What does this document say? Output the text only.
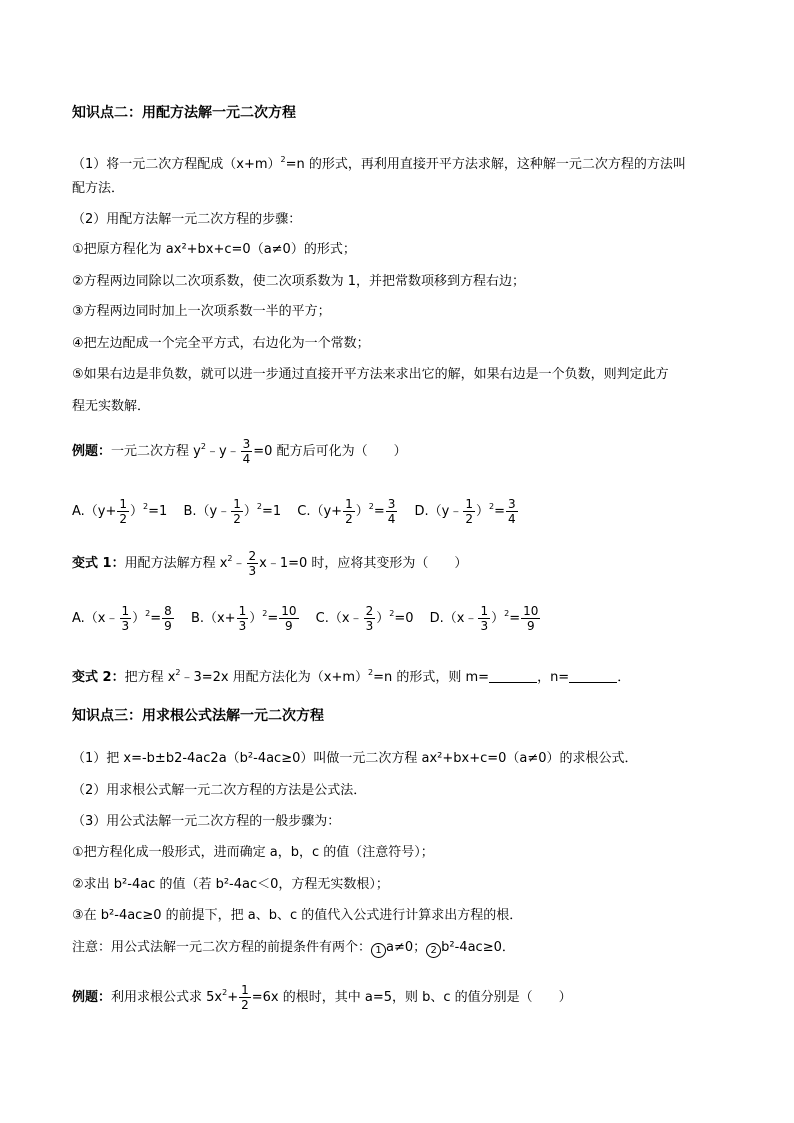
知识点二：用配方法解一元二次方程
（1）将一元二次方程配成$(x+m)^2=n$ 的形式，再利用直接开平方法求解，这种解一元二次方程的方法叫
配方法．
（2）用配方法解一元二次方程的步骤：
①把原方程化为 ax²+bx+c=0（a≠0）的形式；
②方程两边同除以二次项系数，使二次项系数为 1，并把常数项移到方程右边；
③方程两边同时加上一次项系数一半的平方；
④把左边配成一个完全平方式，右边化为一个常数；
⑤如果右边是非负数，就可以进一步通过直接开平方法来求出它的解，如果右边是一个负数，则判定此方
程无实数解．
例题：一元二次方程 $y^2﹣y﹣ \frac{3}{4} =0$ 配方后可化为（　　）
$A.(y+ \frac{1}{2} )^2=1$ B.（y﹣ $\frac{1}{2} )^2=1$ $C.(y+ \frac{1}{2} )^2= \frac{3}{4}$ D.（y﹣ $\frac{1}{2} )^2= \frac{3}{4}$
变式 1：用配方法解方程 $x^2﹣ \frac{2}{3}$ x﹣1=0 时，应将其变形为（　　）
A.（x﹣ $\frac{1}{3} )^2= \frac{8}{9} B.(x+ \frac{1}{3} )^2= \frac{10}{9}$ C.（x﹣ $\frac{2}{3} )^2=0$ D.（x﹣ $\frac{1}{3} )^2= \frac{10}{9}$
变式 2：把方程 $x^2﹣3=2x$ 用配方法化为$(x+m)^2=n$ 的形式，则 m=	，n=	．
知识点三：用求根公式法解一元二次方程
（1）把 x=-b±b2-4ac2a（b²-4ac≥0）叫做一元二次方程 ax²+bx+c=0（a≠0）的求根公式．
（2）用求根公式解一元二次方程的方法是公式法．
（3）用公式法解一元二次方程的一般步骤为：
①把方程化成一般形式，进而确定 a，b，c 的值（注意符号）；
②求出 b²-4ac 的值（若 b²-4ac＜0，方程无实数根）；
③在 b²-4ac≥0 的前提下，把 a、b、c 的值代入公式进行计算求出方程的根．
注意：用公式法解一元二次方程的前提条件有两个： 1 a≠0； 2 b²-4ac≥0．
例题：利用求根公式求 $5x^2+ \frac{1}{2} =6x$ 的根时，其中 a=5，则 b、c 的值分别是（　　）
